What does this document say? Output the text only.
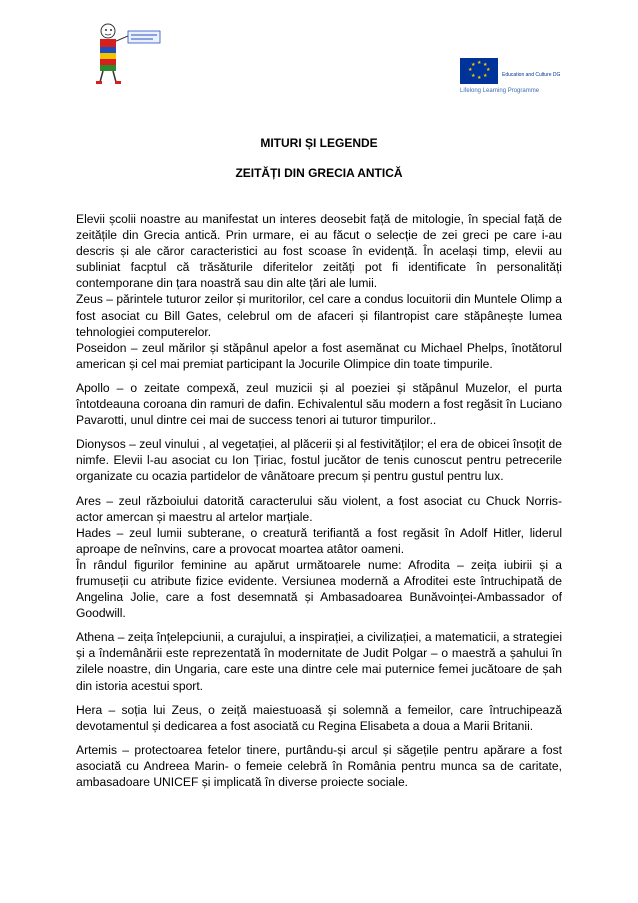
★ ★
★
★
★
★
★
★
Education and Culture DG
Lifelong Learning Programme
MITURI ȘI LEGENDE
ZEITĂȚI DIN GRECIA ANTICĂ

Elevii școlii noastre au manifestat un interes deosebit față de mitologie, în special față de zeitățile din Grecia antică. Prin urmare, ei au făcut o selecție de zei greci pe care i-au descris și ale căror caracteristici au fost scoase în evidență. În același timp, elevii au subliniat facptul că trăsăturile diferitelor zeități pot fi identificate în personalități contemporane din țara noastră sau din alte țări ale lumii.

Zeus – părintele tuturor zeilor și muritorilor, cel care a condus locuitorii din Muntele Olimp a fost asociat cu Bill Gates, celebrul om de afaceri și filantropist care stăpânește lumea tehnologiei computerelor.

Poseidon – zeul mărilor și stăpânul apelor a fost asemănat cu Michael Phelps, înotătorul american și cel mai premiat participant la Jocurile Olimpice din toate timpurile.

Apollo – o zeitate compexă, zeul muzicii și al poeziei și stăpânul Muzelor, el purta întotdeauna coroana din ramuri de dafin. Echivalentul său modern a fost regăsit în Luciano Pavarotti, unul dintre cei mai de success tenori ai tuturor timpurilor..

Dionysos – zeul vinului , al vegetației, al plăcerii și al festivităților; el era de obicei însoțit de nimfe. Elevii l-au asociat cu Ion Țiriac, fostul jucător de tenis cunoscut pentru petrecerile organizate cu ocazia partidelor de vânătoare precum și pentru gustul pentru lux.

Ares – zeul războiului datorită caracterului său violent, a fost asociat cu Chuck Norris- actor amercan și maestru al artelor marțiale.

Hades – zeul lumii subterane, o creatură terifiantă a fost regăsit în Adolf Hitler, liderul aproape de neînvins, care a provocat moartea atâtor oameni.

În rândul figurilor feminine au apărut următoarele nume: Afrodita – zeița iubirii și a frumuseții cu atribute fizice evidente. Versiunea modernă a Afroditei este întruchipată de Angelina Jolie, care a fost desemnată și Ambasadoarea Bunăvoinței-Ambassador of Goodwill.

Athena – zeița înțelepciunii, a curajului, a inspirației, a civilizației, a matematicii, a strategiei și a îndemânării este reprezentată în modernitate de Judit Polgar – o maestră a șahului în zilele noastre, din Ungaria, care este una dintre cele mai puternice femei jucătoare de șah din istoria acestui sport.

Hera – soția lui Zeus, o zeiță maiestuoasă și solemnă a femeilor, care întruchipează devotamentul și dedicarea a fost asociată cu Regina Elisabeta a doua a Marii Britanii.

Artemis – protectoarea fetelor tinere, purtându-și arcul și săgețile pentru apărare a fost asociată cu Andreea Marin- o femeie celebră în România pentru munca sa de caritate, ambasadoare UNICEF și implicată în diverse proiecte sociale.
